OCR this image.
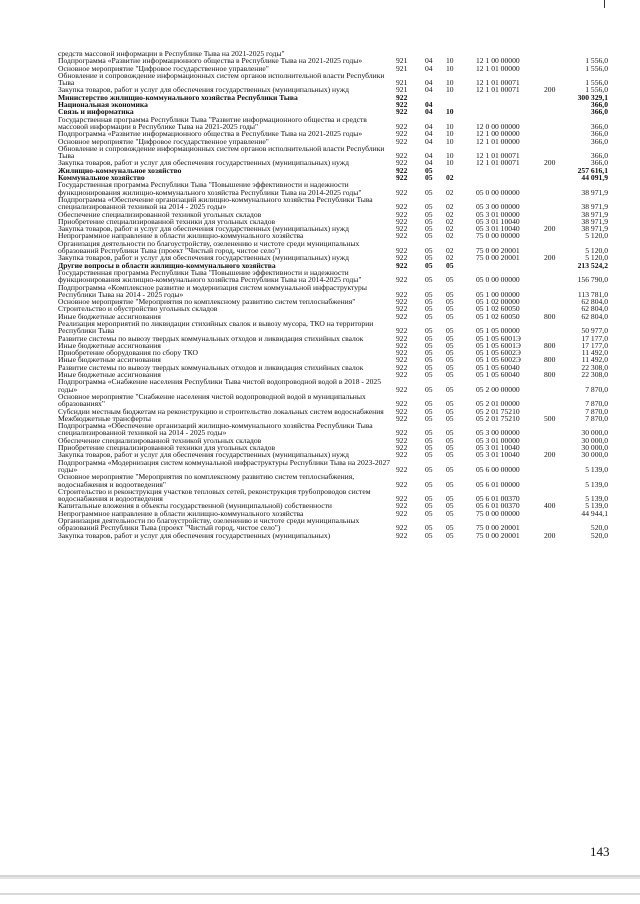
средств массовой информации в Республике Тыва на 2021-2025 годы"
Подпрограмма «Развитие информационного общества в Республике Тыва на 2021-2025 годы»	921 04 10	12 1 00 00000	1 556,0
Основное мероприятие "Цифровое государственное управление"	921 04 10	12 1 01 00000	1 556,0
Обновление и сопровождение информационных систем органов исполнительной власти Республики Тыва	921 04 10	12 1 01 00071	1 556,0
Закупка товаров, работ и услуг для обеспечения государственных (муниципальных) нужд	921 04 10	12 1 01 00071	200	1 556,0
Министерство жилищно-коммунального хозяйства Республики Тыва	922	300 329,1
Национальная экономика	922 04	366,0
Связь и информатика	922 04 10	366,0
Государственная программа Республики Тыва "Развитие информационного общества и средств массовой информации в Республике Тыва на 2021-2025 годы"	922 04 10	12 0 00 00000	366,0
Подпрограмма «Развитие информационного общества в Республике Тыва на 2021-2025 годы»	922 04 10	12 1 00 00000	366,0
Основное мероприятие "Цифровое государственное управление"	922 04 10	12 1 01 00000	366,0
Обновление и сопровождение информационных систем органов исполнительной власти Республики Тыва	922 04 10	12 1 01 00071	366,0
Закупка товаров, работ и услуг для обеспечения государственных (муниципальных) нужд	922 04 10	12 1 01 00071	200	366,0
Жилищно-коммунальное хозяйство	922 05	257 616,1
Коммунальное хозяйство	922 05 02	44 091,9
Государственная программа Республики Тыва "Повышение эффективности и надежности функционирования жилищно-коммунального хозяйства Республики Тыва на 2014-2025 годы"	922 05 02	05 0 00 00000	38 971,9
Подпрограмма «Обеспечение организаций жилищно-коммунального хозяйства Республики Тыва специализированной техникой на 2014 - 2025 годы»	922 05 02	05 3 00 00000	38 971,9
Обеспечение специализированной техникой угольных складов	922 05 02	05 3 01 00000	38 971,9
Приобретение специализированной техники для угольных складов	922 05 02	05 3 01 10040	38 971,9
Закупка товаров, работ и услуг для обеспечения государственных (муниципальных) нужд	922 05 02	05 3 01 10040	200	38 971,9
Непрограммное направление в области жилищно-коммунального хозяйства	922 05 02	75 0 00 00000	5 120,0
Организация деятельности по благоустройству, озеленению и чистоте среди муниципальных образований Республики Тыва (проект "Чистый город, чистое село")	922 05 02	75 0 00 20001	5 120,0
Закупка товаров, работ и услуг для обеспечения государственных (муниципальных) нужд	922 05 02	75 0 00 20001	200	5 120,0
Другие вопросы в области жилищно-коммунального хозяйства	922 05 05	213 524,2
Государственная программа Республики Тыва "Повышение эффективности и надежности функционирования жилищно-коммунального хозяйства Республики Тыва на 2014-2025 годы"	922 05 05	05 0 00 00000	156 790,0
Подпрограмма «Комплексное развитие и модернизация систем коммунальной инфраструктуры Республики Тыва на 2014 - 2025 годы»	922 05 05	05 1 00 00000	113 781,0
Основное мероприятие "Мероприятия по комплексному развитию систем теплоснабжения"	922 05 05	05 1 02 00000	62 804,0
Строительство и обустройство угольных складов	922 05 05	05 1 02 60050	62 804,0
Иные бюджетные ассигнования	922 05 05	05 1 02 60050	800	62 804,0
Реализация мероприятий по ликвидации стихийных свалок и вывозу мусора, ТКО на территории Республики Тыва	922 05 05	05 1 05 00000	50 977,0
Развитие системы по вывозу твердых коммунальных отходов и ликвидация стихийных свалок	922 05 05	05 1 05 6001Э	17 177,0
Иные бюджетные ассигнования	922 05 05	05 1 05 6001Э	800	17 177,0
Приобретение оборудования по сбору ТКО	922 05 05	05 1 05 6002Э	11 492,0
Иные бюджетные ассигнования	922 05 05	05 1 05 6002Э	800	11 492,0
Развитие системы по вывозу твердых коммунальных отходов и ликвидация стихийных свалок	922 05 05	05 1 05 60040	22 308,0
Иные бюджетные ассигнования	922 05 05	05 1 05 60040	800	22 308,0
Подпрограмма «Снабжение населения Республики Тыва чистой водопроводной водой в 2018 - 2025 годы»	922 05 05	05 2 00 00000	7 870,0
Основное мероприятие "Снабжение населения чистой водопроводной водой в муниципальных образованиях"	922 05 05	05 2 01 00000	7 870,0
Субсидии местным бюджетам на реконструкцию и строительство локальных систем водоснабжения	922 05 05	05 2 01 75210	7 870,0
Межбюджетные трансферты	922 05 05	05 2 01 75210	500	7 870,0
Подпрограмма «Обеспечение организаций жилищно-коммунального хозяйства Республики Тыва специализированной техникой на 2014 - 2025 годы»	922 05 05	05 3 00 00000	30 000,0
Обеспечение специализированной техникой угольных складов	922 05 05	05 3 01 00000	30 000,0
Приобретение специализированной техники для угольных складов	922 05 05	05 3 01 10040	30 000,0
Закупка товаров, работ и услуг для обеспечения государственных (муниципальных) нужд	922 05 05	05 3 01 10040	200	30 000,0
Подпрограмма «Модернизация систем коммунальной инфраструктуры Республики Тыва на 2023-2027 годы»	922 05 05	05 6 00 00000	5 139,0
Основное мероприятие "Мероприятия по комплексному развитию систем теплоснабжения, водоснабжения и водоотведения"	922 05 05	05 6 01 00000	5 139,0
Строительство и реконструкция участков тепловых сетей, реконструкция трубопроводов систем водоснабжения и водоотведения	922 05 05	05 6 01 00370	5 139,0
Капитальные вложения в объекты государственной (муниципальной) собственности	922 05 05	05 6 01 00370	400	5 139,0
Непрограммное направление в области жилищно-коммунального хозяйства	922 05 05	75 0 00 00000	44 944,1
Организация деятельности по благоустройству, озеленению и чистоте среди муниципальных образований Республики Тыва (проект "Чистый город, чистое село")	922 05 05	75 0 00 20001	520,0
Закупка товаров, работ и услуг для обеспечения государственных (муниципальных)	922 05 05	75 0 00 20001	200	520,0
143
